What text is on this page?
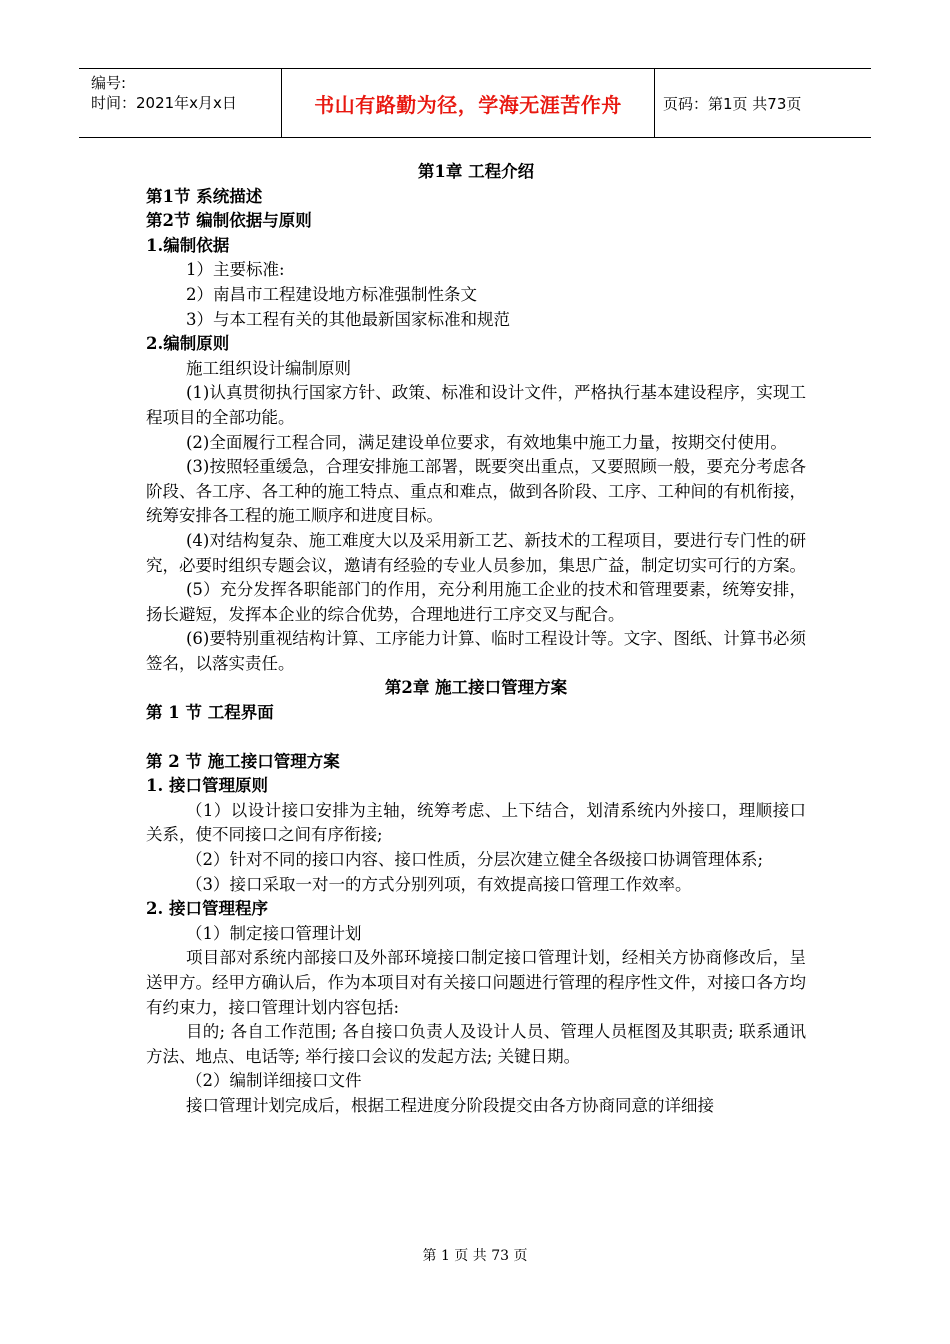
编号:
时间：2021年x月x日	书山有路勤为径，学海无涯苦作舟	页码：第1页 共73页

第1章 工程介绍

第1节 系统描述

第2节 编制依据与原则

1.编制依据

1）主要标准:

2）南昌市工程建设地方标准强制性条文

3）与本工程有关的其他最新国家标准和规范

2.编制原则

施工组织设计编制原则

(1)认真贯彻执行国家方针、政策、标准和设计文件，严格执行基本建设程序，实现工程项目的全部功能。

(2)全面履行工程合同，满足建设单位要求，有效地集中施工力量，按期交付使用。

(3)按照轻重缓急，合理安排施工部署，既要突出重点，又要照顾一般，要充分考虑各阶段、各工序、各工种的施工特点、重点和难点，做到各阶段、工序、工种间的有机衔接，统筹安排各工程的施工顺序和进度目标。

(4)对结构复杂、施工难度大以及采用新工艺、新技术的工程项目，要进行专门性的研究，必要时组织专题会议，邀请有经验的专业人员参加，集思广益，制定切实可行的方案。

(5）充分发挥各职能部门的作用，充分利用施工企业的技术和管理要素，统筹安排，扬长避短，发挥本企业的综合优势，合理地进行工序交叉与配合。

(6)要特别重视结构计算、工序能力计算、临时工程设计等。文字、图纸、计算书必须签名，以落实责任。

第2章 施工接口管理方案

第 1 节 工程界面

第 2 节 施工接口管理方案

1. 接口管理原则

（1）以设计接口安排为主轴，统筹考虑、上下结合，划清系统内外接口，理顺接口关系，使不同接口之间有序衔接;

（2）针对不同的接口内容、接口性质，分层次建立健全各级接口协调管理体系;

（3）接口采取一对一的方式分别列项，有效提高接口管理工作效率。

2. 接口管理程序

（1）制定接口管理计划

项目部对系统内部接口及外部环境接口制定接口管理计划，经相关方协商修改后，呈送甲方。经甲方确认后，作为本项目对有关接口问题进行管理的程序性文件，对接口各方均有约束力，接口管理计划内容包括:

目的; 各自工作范围; 各自接口负责人及设计人员、管理人员框图及其职责; 联系通讯方法、地点、电话等; 举行接口会议的发起方法; 关键日期。

（2）编制详细接口文件

接口管理计划完成后，根据工程进度分阶段提交由各方协商同意的详细接

第 1 页 共 73 页
